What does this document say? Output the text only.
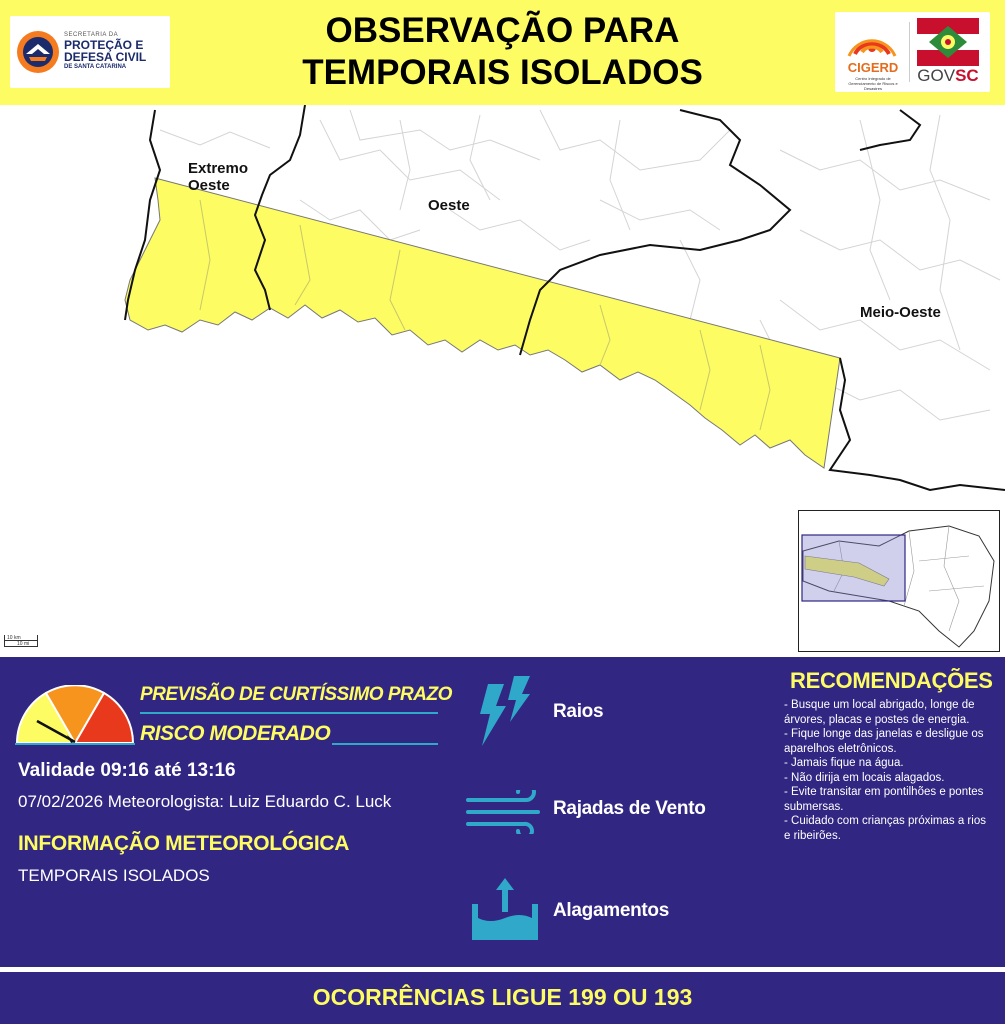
SECRETARIA DA
PROTEÇÃO E
DEFESA CIVIL
DE SANTA CATARINA
OBSERVAÇÃO PARA
TEMPORAIS ISOLADOS	CIGERD
Centro Integrado de Gerenciamento de Riscos e Desastres
GOVSC
Extremo
Oeste
Oeste
Meio-Oeste
10 km
10 mi
PREVISÃO DE CURTÍSSIMO PRAZO
RISCO MODERADO
Validade 09:16 até 13:16
07/02/2026 Meteorologista: Luiz Eduardo C. Luck
INFORMAÇÃO METEOROLÓGICA
TEMPORAIS ISOLADOS
Raios
Rajadas de Vento
Alagamentos
RECOMENDAÇÕES
- Busque um local abrigado, longe de árvores, placas e postes de energia.
- Fique longe das janelas e desligue os aparelhos eletrônicos.
- Jamais fique na água.
- Não dirija em locais alagados.
- Evite transitar em pontilhões e pontes submersas.
- Cuidado com crianças próximas a rios e ribeirões.
OCORRÊNCIAS LIGUE 199 OU 193
